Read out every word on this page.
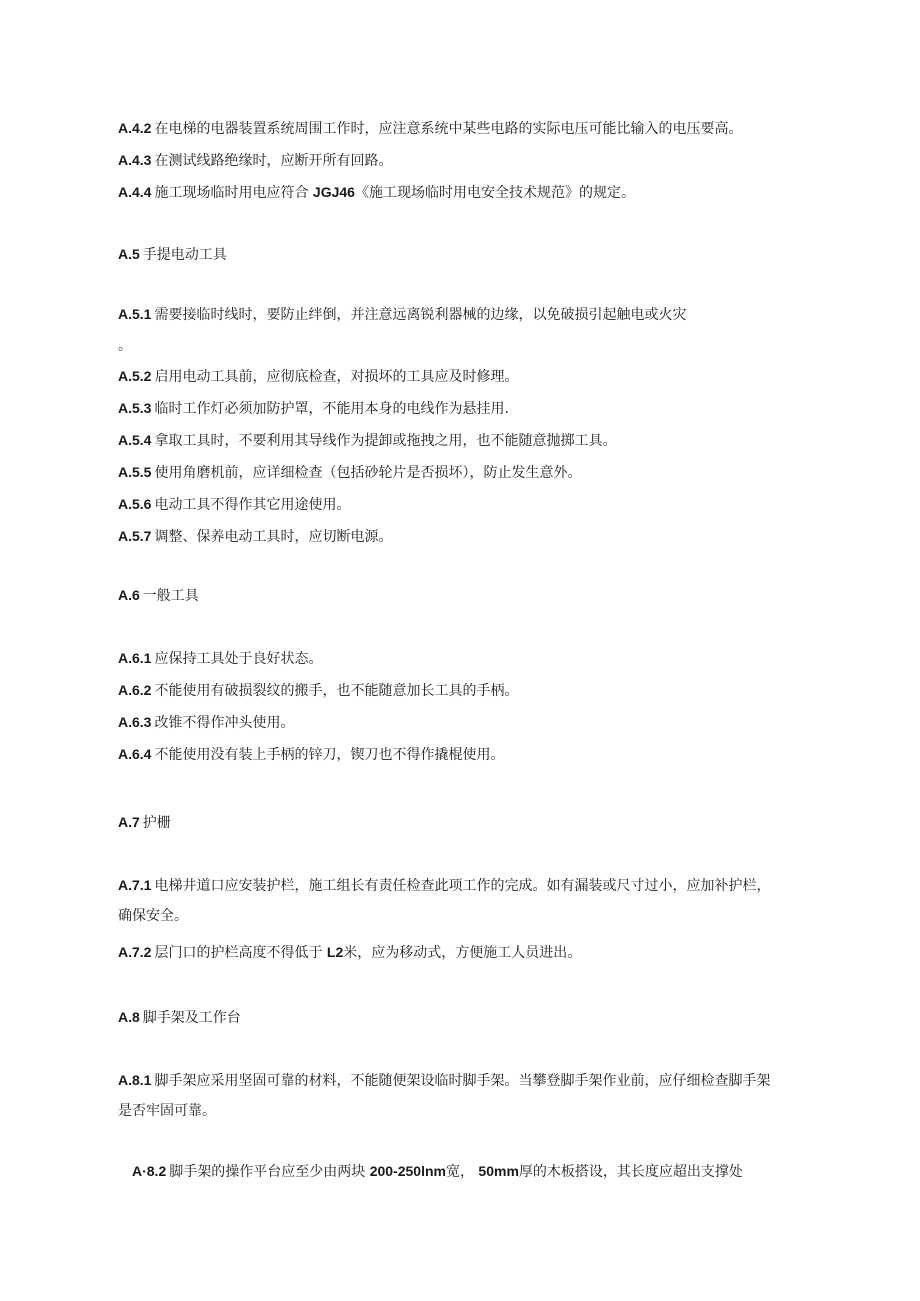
A.4.2 在电梯的电器装置系统周围工作时，应注意系统中某些电路的实际电压可能比输入的电压要高。
A.4.3 在测试线路绝缘时，应断开所有回路。
A.4.4 施工现场临时用电应符合 JGJ46《施工现场临时用电安全技术规范》的规定。
A.5 手提电动工具
A.5.1 需要接临时线时，要防止绊倒，并注意远离锐利器械的边缘，以免破损引起触电或火灾
。
A.5.2 启用电动工具前，应彻底检查，对损坏的工具应及时修理。
A.5.3 临时工作灯必须加防护罩，不能用本身的电线作为悬挂用.
A.5.4 拿取工具时，不要利用其导线作为提卸或拖拽之用，也不能随意抛掷工具。
A.5.5 使用角磨机前，应详细检查（包括砂轮片是否损坏），防止发生意外。
A.5.6 电动工具不得作其它用途使用。
A.5.7 调整、保养电动工具时，应切断电源。
A.6 一般工具
A.6.1 应保持工具处于良好状态。
A.6.2 不能使用有破损裂纹的搬手，也不能随意加长工具的手柄。
A.6.3 改锥不得作冲头使用。
A.6.4 不能使用没有装上手柄的锌刀，锲刀也不得作撬棍使用。
A.7 护栅
A.7.1 电梯井道口应安装护栏，施工组长有责任检查此项工作的完成。如有漏装或尺寸过小，应加补护栏，
确保安全。
A.7.2 层门口的护栏高度不得低于 L2米，应为移动式，方便施工人员进出。
A.8 脚手架及工作台
A.8.1 脚手架应采用坚固可靠的材料，不能随便架设临时脚手架。当攀登脚手架作业前，应仔细检查脚手架
是否牢固可靠。
A·8.2 脚手架的操作平台应至少由两块 200-250lnm宽， 50mm厚的木板搭设，其长度应超出支撑处
